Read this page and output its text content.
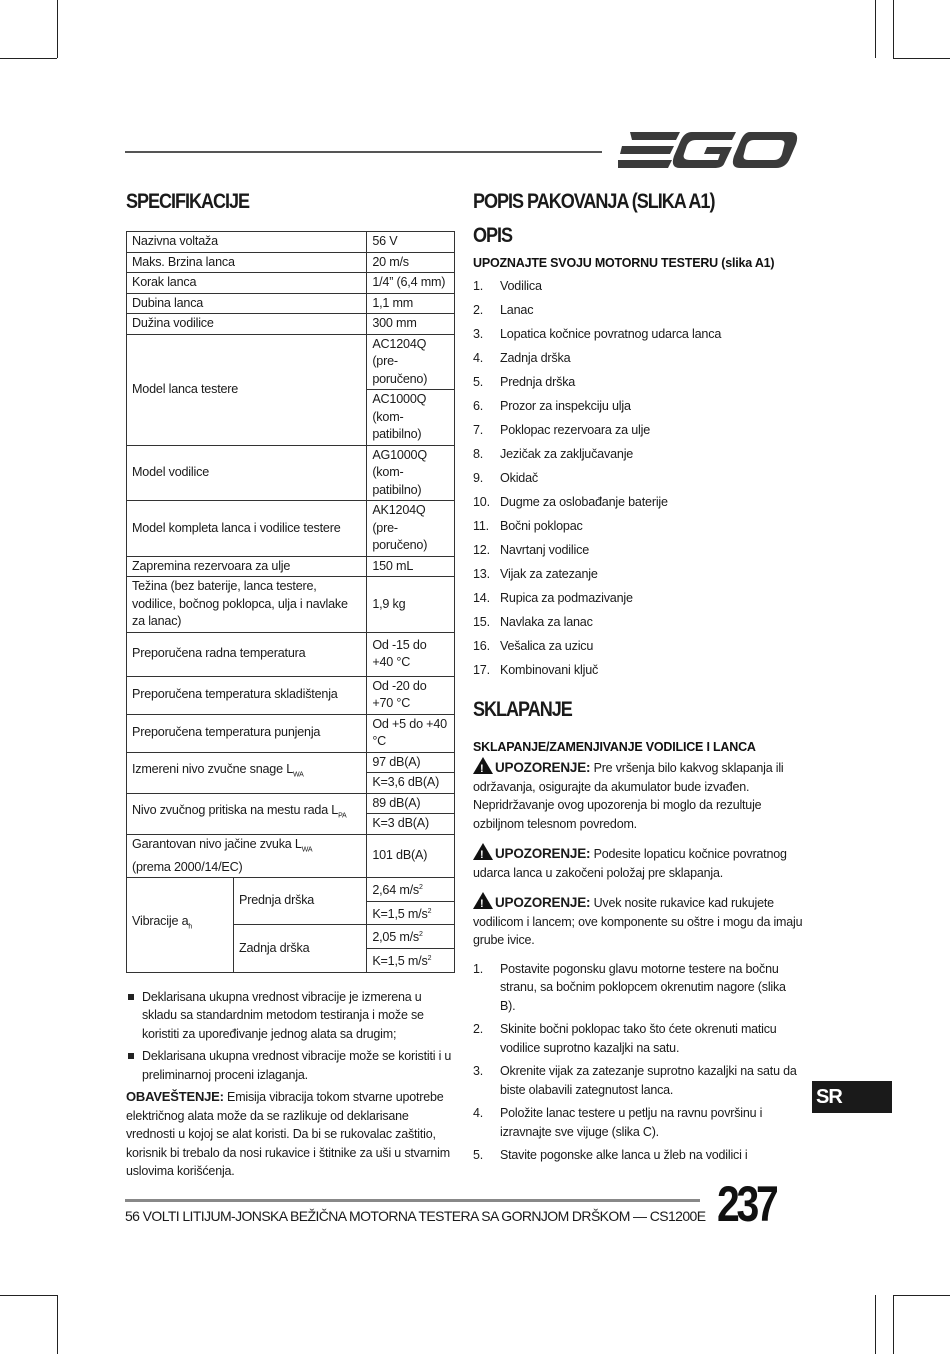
SPECIFIKACIJE
Nazivna voltaža		56 V
Maks. Brzina lanca		20 m/s
Korak lanca		1/4” (6,4 mm)
Dubina lanca		1,1 mm
Dužina vodilice		300 mm
Model lanca testere		AC1204Q (pre-poručeno)
		AC1000Q (kom-patibilno)
Model vodilice		AG1000Q (kom-patibilno)
Model kompleta lanca i vodilice testere		AK1204Q (pre-poručeno)
Zapremina rezervoara za ulje		150 mL
Težina (bez baterije, lanca testere, vodilice, bočnog poklopca, ulja i navlake za lanac)		1,9 kg
Preporučena radna temperatura		Od -15 do +40 °C
Preporučena temperatura skladištenja		Od -20 do +70 °C
Preporučena temperatura punjenja		Od +5 do +40 °C
Izmereni nivo zvučne snage $L_{WA}$		97 dB(A)
		K=3,6 dB(A)
Nivo zvučnog pritiska na mestu rada $L_{PA}$		89 dB(A)
		K=3 dB(A)
Garantovan nivo jačine zvuka $L_{WA}$
(prema 2000/14/EC)		101 dB(A)
Vibracije $a_h$	Prednja drška	2,64 $m/s^2$
		K=1,5 $m/s^2$
	Zadnja drška	2,05 $m/s^2$
		K=1,5 $m/s^2$
Deklarisana ukupna vrednost vibracije je izmerena u skladu sa standardnim metodom testiranja i može se koristiti za upoređivanje jednog alata sa drugim;
Deklarisana ukupna vrednost vibracije može se koristiti i u preliminarnoj proceni izlaganja.

OBAVEŠTENJE: Emisija vibracija tokom stvarne upotrebe električnog alata može da se razlikuje od deklarisane vrednosti u kojoj se alat koristi. Da bi se rukovalac zaštitio, korisnik bi trebalo da nosi rukavice i štitnike za uši u stvarnim uslovima korišćenja.

POPIS PAKOVANJA (SLIKA A1)
OPIS
UPOZNAJTE SVOJU MOTORNU TESTERU (slika A1)
1.	Vodilica
2.	Lanac
3.	Lopatica kočnice povratnog udarca lanca
4.	Zadnja drška
5.	Prednja drška
6.	Prozor za inspekciju ulja
7.	Poklopac rezervoara za ulje
8.	Jezičak za zaključavanje
9.	Okidač
10. Dugme za oslobađanje baterije
11. Bočni poklopac
12. Navrtanj vodilice
13. Vijak za zatezanje
14. Rupica za podmazivanje
15. Navlaka za lanac
16. Vešalica za uzicu
17. Kombinovani ključ
SKLAPANJE
SKLAPANJE/ZAMENJIVANJE VODILICE I LANCA

!UPOZORENJE: Pre vršenja bilo kakvog sklapanja ili održavanja, osigurajte da akumulator bude izvađen. Nepridržavanje ovog upozorenja bi moglo da rezultuje ozbiljnom telesnom povredom.

!UPOZORENJE: Podesite lopaticu kočnice povratnog udarca lanca u zakočeni položaj pre sklapanja.

!UPOZORENJE: Uvek nosite rukavice kad rukujete vodilicom i lancem; ove komponente su oštre i mogu da imaju grube ivice.

1.	Postavite pogonsku glavu motorne testere na bočnu stranu, sa bočnim poklopcem okrenutim nagore (slika B).
2.	Skinite bočni poklopac tako što ćete okrenuti maticu vodilice suprotno kazaljki na satu.
3.	Okrenite vijak za zatezanje suprotno kazaljki na satu da biste olabavili zategnutost lanca.
4.	Položite lanac testere u petlju na ravnu površinu i izravnajte sve vijuge (slika C).
5.	Stavite pogonske alke lanca u žleb na vodilici i
SR
56 VOLTI LITIJUM-JONSKA BEŽIČNA MOTORNA TESTERA SA GORNJOM DRŠKOM — CS1200E 237
